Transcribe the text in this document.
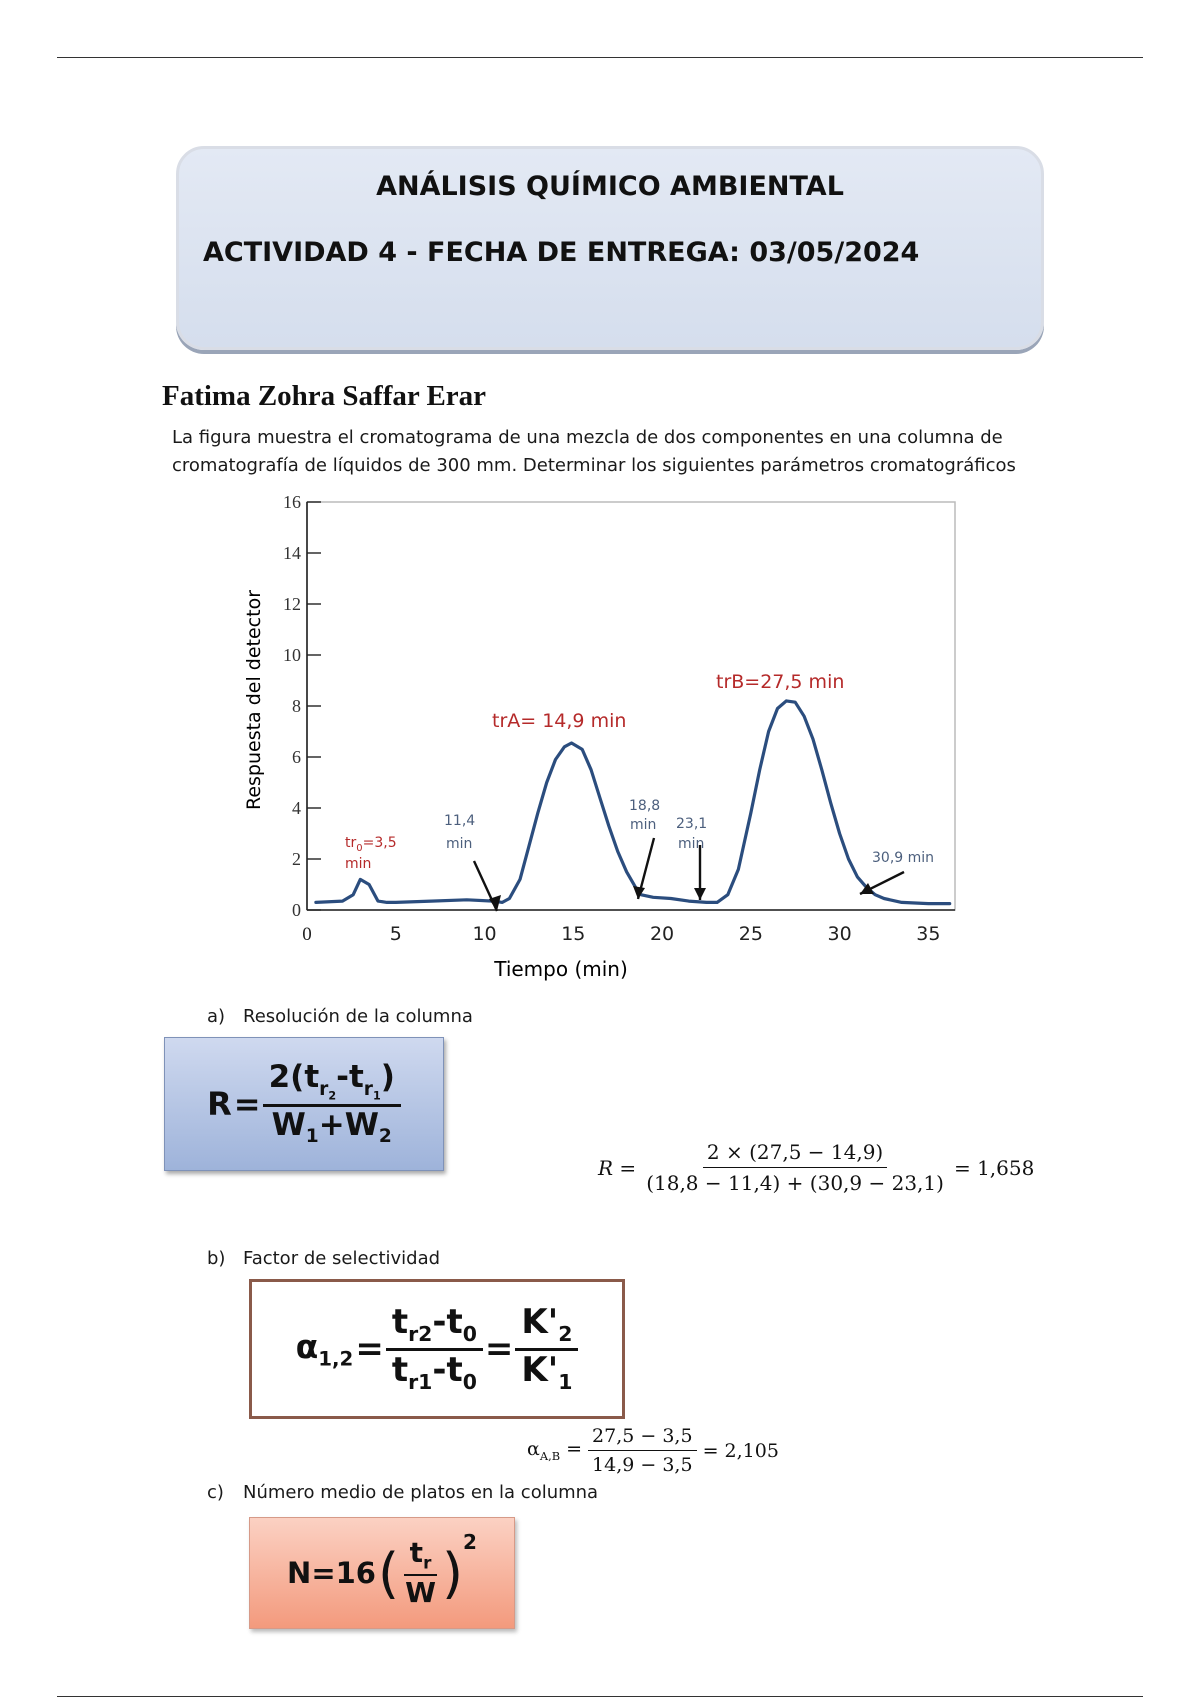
ANÁLISIS QUÍMICO AMBIENTAL
ACTIVIDAD 4 - FECHA DE ENTREGA: 03/05/2024
Fatima Zohra Saffar Erar

La figura muestra el cromatograma de una mezcla de dos componentes en una columna de

cromatografía de líquidos de 300 mm. Determinar los siguientes parámetros cromatográficos

0
2
4
6
8
10
12
14
16
0	5	10	15	20	25	30	35
Respuesta del detector
Tiempo (min)
$tr_0=3,5$
min
11,4
min
18,8
min 23,1
min
30,9 min
trA= 14,9 min
trB=27,5 min
a) Resolución de la columna
$R = \frac{2(t_{r_2}-t_{r_1})}{W_1+W_2}$
$R = \frac{2 \times (27,5 - 14,9)}{(18,8 - 11,4) + (30,9 - 23,1)} = 1,658$
b) Factor de selectividad
$\alpha_{1,2} = \frac{t_{r2}-t_0}{t_{r1}-t_0} = \frac{K'_2}{K'_1}$
$\alpha_{A,B} = \frac{27,5 - 3,5}{14,9 - 3,5} = 2,105$
c) Número medio de platos en la columna
N=16 ( $\frac{t_r}{W}$ ) 2
